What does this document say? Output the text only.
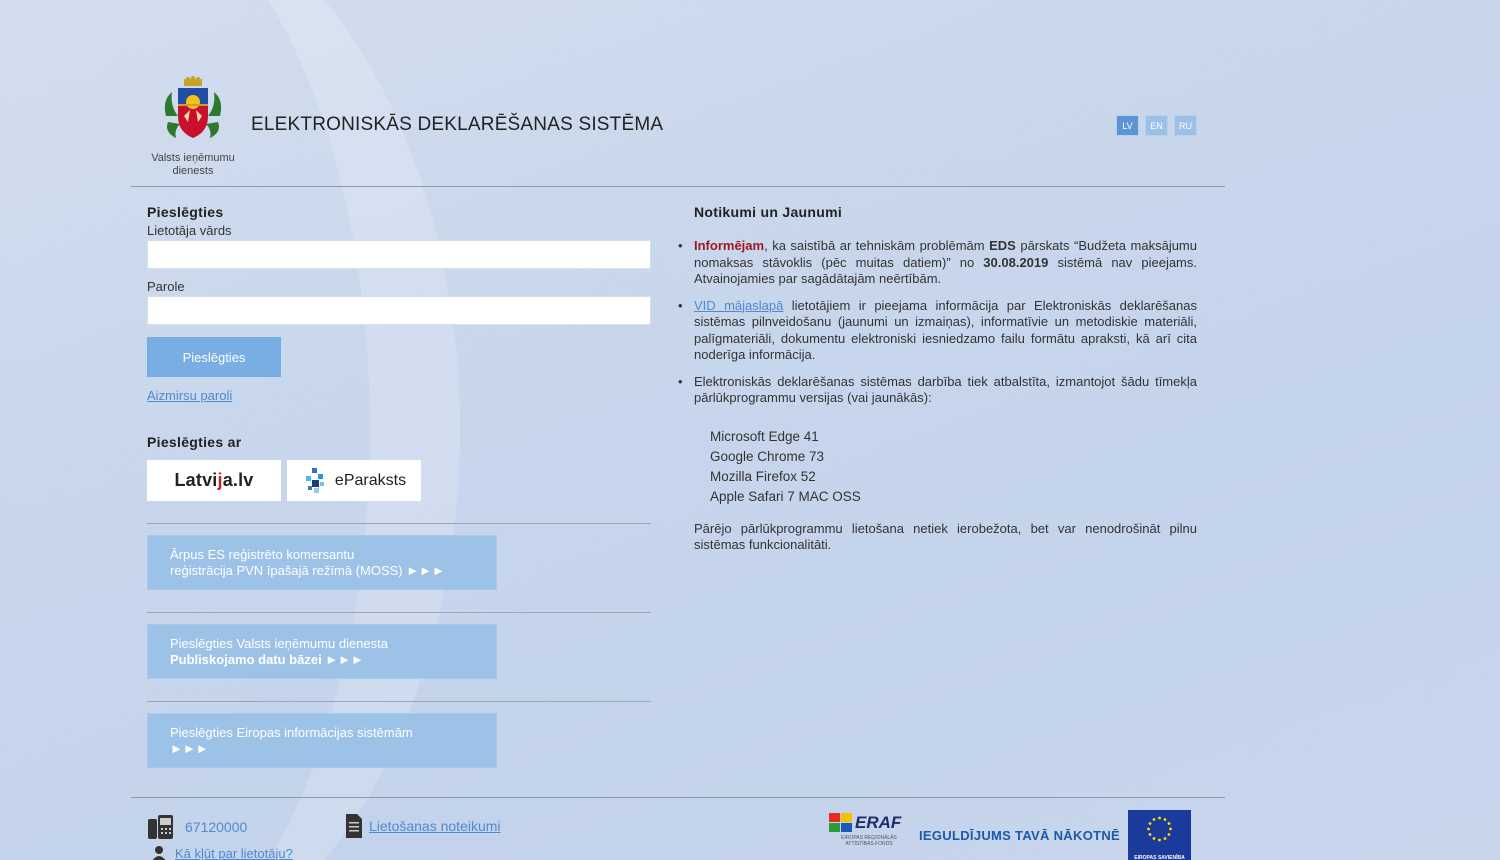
Valsts ieņēmumu dienests
ELEKTRONISKĀS DEKLARĒŠANAS SISTĒMA	LV	EN	RU
Pieslēgties
Lietotāja vārds
Parole
Pieslēgties
Aizmirsu paroli
Pieslēgties ar
Latvija.lv	eParaksts
Ārpus ES reģistrēto komersantu
reģistrācija PVN īpašajā režīmā (MOSS) ►►►
Pieslēgties Valsts ieņēmumu dienesta
Publiskojamo datu bāzei ►►►
Pieslēgties Eiropas informācijas sistēmām
►►►
Notikumi un Jaunumi
• Informējam, ka saistībā ar tehniskām problēmām EDS pārskats “Budžeta maksājumu nomaksas stāvoklis (pēc muitas datiem)” no 30.08.2019 sistēmā nav pieejams. Atvainojamies par sagādātajām neērtībām.
• VID mājaslapā lietotājiem ir pieejama informācija par Elektroniskās deklarēšanas sistēmas pilnveidošanu (jaunumi un izmaiņas), informatīvie un metodiskie materiāli, palīgmateriāli, dokumentu elektroniski iesniedzamo failu formātu apraksti, kā arī cita noderīga informācija.
• Elektroniskās deklarēšanas sistēmas darbība tiek atbalstīta, izmantojot šādu tīmekļa pārlūkprogrammu versijas (vai jaunākās):
Microsoft Edge 41
Google Chrome 73
Mozilla Firefox 52
Apple Safari 7 MAC OSS
Pārējo pārlūkprogrammu lietošana netiek ierobežota, bet var nenodrošināt pilnu sistēmas funkcionalitāti.
67120000	Lietošanas noteikumi
Kā kļūt par lietotāju?
ERAF
EIROPAS REĢIONĀLĀS ATTĪSTĪBAS FONDS
IEGULDĪJUMS TAVĀ NĀKOTNĒ
EIROPAS SAVIENĪBA
